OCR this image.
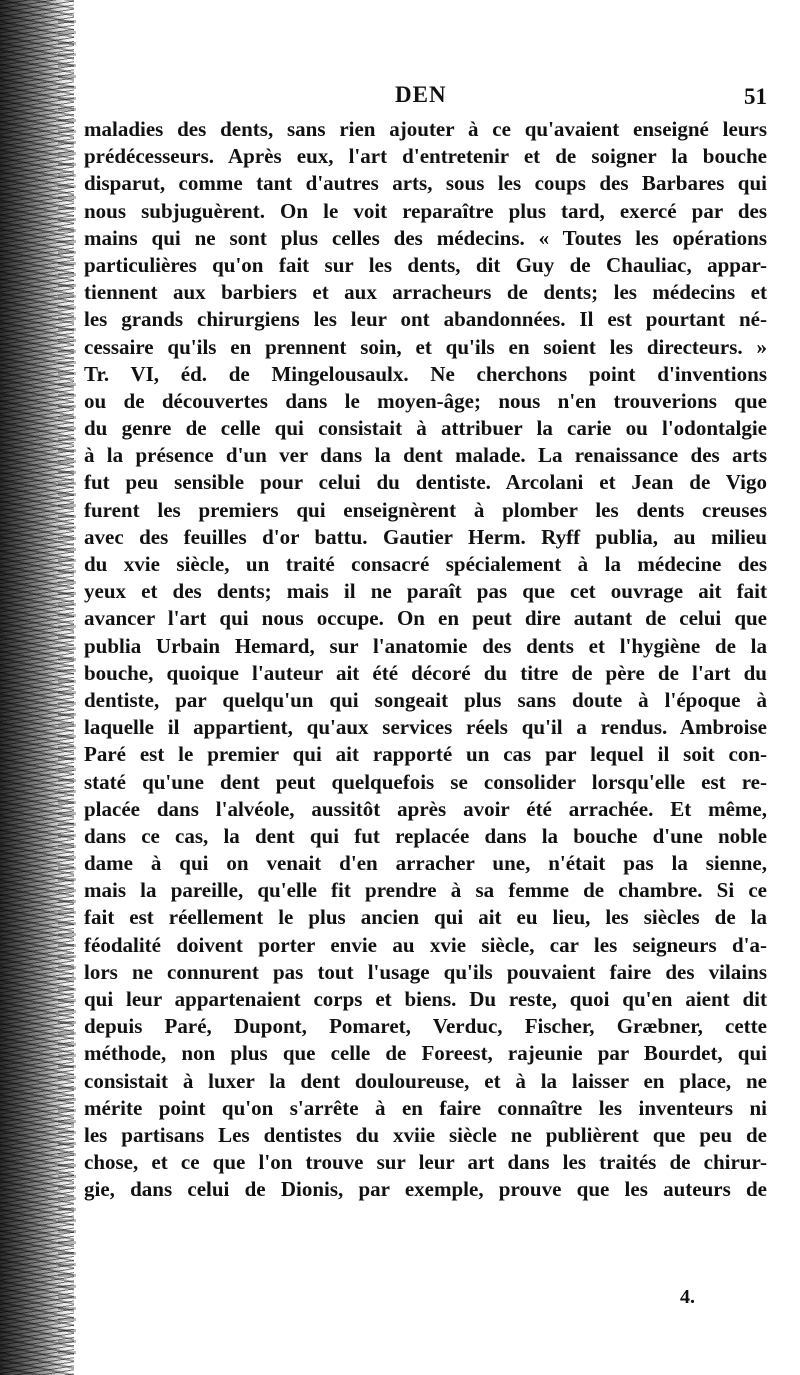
DEN	51
maladies des dents, sans rien ajouter à ce qu'avaient enseigné leurs
prédécesseurs. Après eux, l'art d'entretenir et de soigner la bouche
disparut, comme tant d'autres arts, sous les coups des Barbares qui
nous subjuguèrent. On le voit reparaître plus tard, exercé par des
mains qui ne sont plus celles des médecins. « Toutes les opérations
particulières qu'on fait sur les dents, dit Guy de Chauliac, appar-
tiennent aux barbiers et aux arracheurs de dents; les médecins et
les grands chirurgiens les leur ont abandonnées. Il est pourtant né-
cessaire qu'ils en prennent soin, et qu'ils en soient les directeurs. »
Tr. VI, éd. de Mingelousaulx. Ne cherchons point d'inventions
ou de découvertes dans le moyen-âge; nous n'en trouverions que
du genre de celle qui consistait à attribuer la carie ou l'odontalgie
à la présence d'un ver dans la dent malade. La renaissance des arts
fut peu sensible pour celui du dentiste. Arcolani et Jean de Vigo
furent les premiers qui enseignèrent à plomber les dents creuses
avec des feuilles d'or battu. Gautier Herm. Ryff publia, au milieu
du xvie siècle, un traité consacré spécialement à la médecine des
yeux et des dents; mais il ne paraît pas que cet ouvrage ait fait
avancer l'art qui nous occupe. On en peut dire autant de celui que
publia Urbain Hemard, sur l'anatomie des dents et l'hygiène de la
bouche, quoique l'auteur ait été décoré du titre de père de l'art du
dentiste, par quelqu'un qui songeait plus sans doute à l'époque à
laquelle il appartient, qu'aux services réels qu'il a rendus. Ambroise
Paré est le premier qui ait rapporté un cas par lequel il soit con-
staté qu'une dent peut quelquefois se consolider lorsqu'elle est re-
placée dans l'alvéole, aussitôt après avoir été arrachée. Et même,
dans ce cas, la dent qui fut replacée dans la bouche d'une noble
dame à qui on venait d'en arracher une, n'était pas la sienne,
mais la pareille, qu'elle fit prendre à sa femme de chambre. Si ce
fait est réellement le plus ancien qui ait eu lieu, les siècles de la
féodalité doivent porter envie au xvie siècle, car les seigneurs d'a-
lors ne connurent pas tout l'usage qu'ils pouvaient faire des vilains
qui leur appartenaient corps et biens. Du reste, quoi qu'en aient dit
depuis Paré, Dupont, Pomaret, Verduc, Fischer, Græbner, cette
méthode, non plus que celle de Foreest, rajeunie par Bourdet, qui
consistait à luxer la dent douloureuse, et à la laisser en place, ne
mérite point qu'on s'arrête à en faire connaître les inventeurs ni
les partisans Les dentistes du xviie siècle ne publièrent que peu de
chose, et ce que l'on trouve sur leur art dans les traités de chirur-
gie, dans celui de Dionis, par exemple, prouve que les auteurs de
4.
